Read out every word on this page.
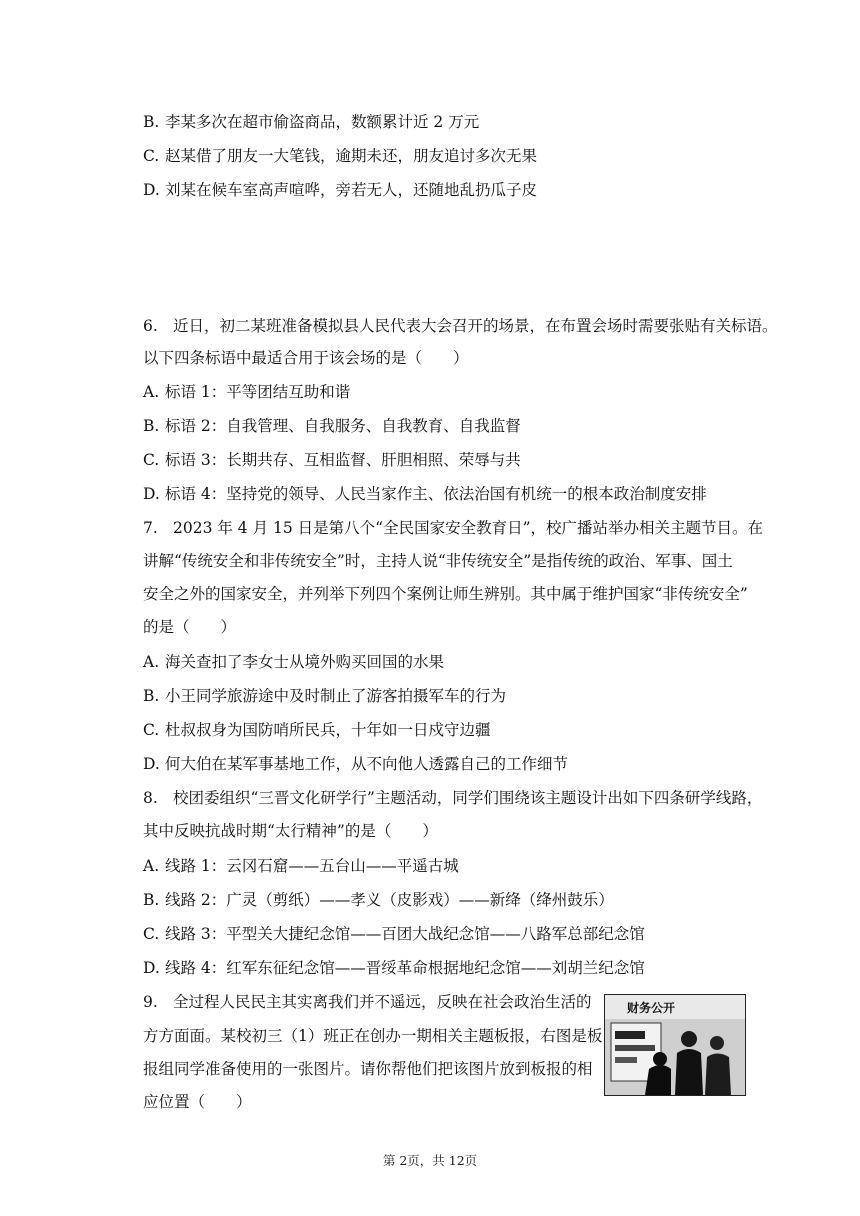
B. 李某多次在超市偷盗商品，数额累计近 2 万元
C. 赵某借了朋友一大笔钱，逾期未还，朋友追讨多次无果
D. 刘某在候车室高声喧哗，旁若无人，还随地乱扔瓜子皮
6. 近日，初二某班准备模拟县人民代表大会召开的场景，在布置会场时需要张贴有关标语。
以下四条标语中最适合用于该会场的是（　　）
A. 标语 1：平等团结互助和谐
B. 标语 2：自我管理、自我服务、自我教育、自我监督
C. 标语 3：长期共存、互相监督、肝胆相照、荣辱与共
D. 标语 4：坚持党的领导、人民当家作主、依法治国有机统一的根本政治制度安排
7. 2023 年 4 月 15 日是第八个“全民国家安全教育日”，校广播站举办相关主题节目。在
讲解“传统安全和非传统安全”时，主持人说“非传统安全”是指传统的政治、军事、国土
安全之外的国家安全，并列举下列四个案例让师生辨别。其中属于维护国家“非传统安全”
的是（　　）
A. 海关查扣了李女士从境外购买回国的水果
B. 小王同学旅游途中及时制止了游客拍摄军车的行为
C. 杜叔叔身为国防哨所民兵，十年如一日戍守边疆
D. 何大伯在某军事基地工作，从不向他人透露自己的工作细节
8. 校团委组织“三晋文化研学行”主题活动，同学们围绕该主题设计出如下四条研学线路，
其中反映抗战时期“太行精神”的是（　　）
A. 线路 1：云冈石窟——五台山——平遥古城
B. 线路 2：广灵（剪纸）——孝义（皮影戏）——新绛（绛州鼓乐）
C. 线路 3：平型关大捷纪念馆——百团大战纪念馆——八路军总部纪念馆
D. 线路 4：红军东征纪念馆——晋绥革命根据地纪念馆——刘胡兰纪念馆
9. 全过程人民民主其实离我们并不遥远，反映在社会政治生活的
方方面面。某校初三（1）班正在创办一期相关主题板报，右图是板
报组同学准备使用的一张图片。请你帮他们把该图片放到板报的相
应位置（　　）
财务公开
第 2页，共 12页
